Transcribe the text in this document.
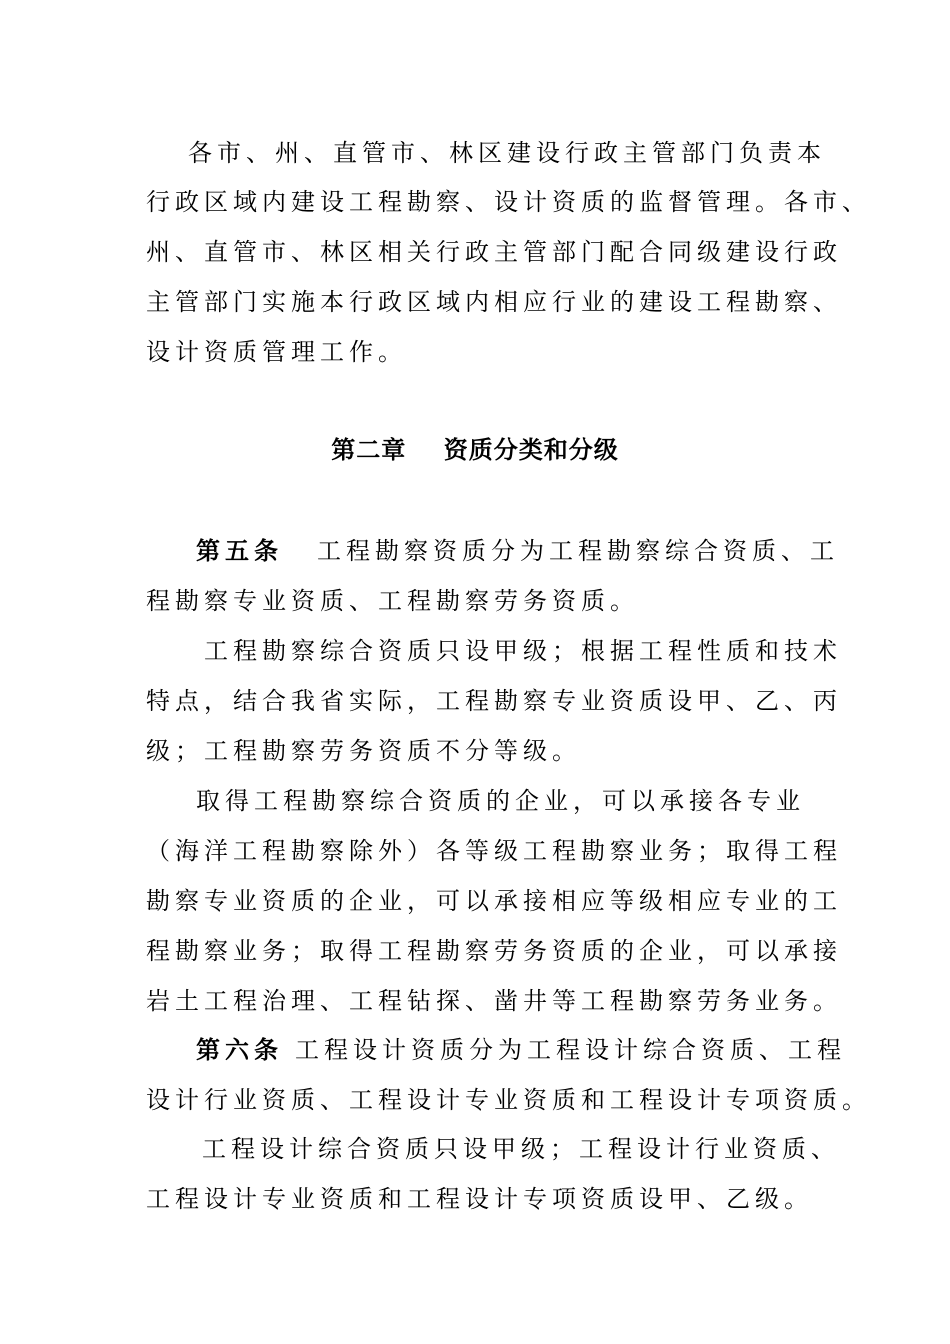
各市、州、直管市、林区建设行政主管部门负责本
行政区域内建设工程勘察、设计资质的监督管理。各市、
州、直管市、林区相关行政主管部门配合同级建设行政
主管部门实施本行政区域内相应行业的建设工程勘察、
设计资质管理工作。
第二章    资质分类和分级
第五条 工程勘察资质分为工程勘察综合资质、工
程勘察专业资质、工程勘察劳务资质。
工程勘察综合资质只设甲级；根据工程性质和技术
特点，结合我省实际，工程勘察专业资质设甲、乙、丙
级；工程勘察劳务资质不分等级。
取得工程勘察综合资质的企业，可以承接各专业
（海洋工程勘察除外）各等级工程勘察业务；取得工程
勘察专业资质的企业，可以承接相应等级相应专业的工
程勘察业务；取得工程勘察劳务资质的企业，可以承接
岩土工程治理、工程钻探、凿井等工程勘察劳务业务。
第六条 工程设计资质分为工程设计综合资质、工程
设计行业资质、工程设计专业资质和工程设计专项资质。
工程设计综合资质只设甲级；工程设计行业资质、
工程设计专业资质和工程设计专项资质设甲、乙级。
